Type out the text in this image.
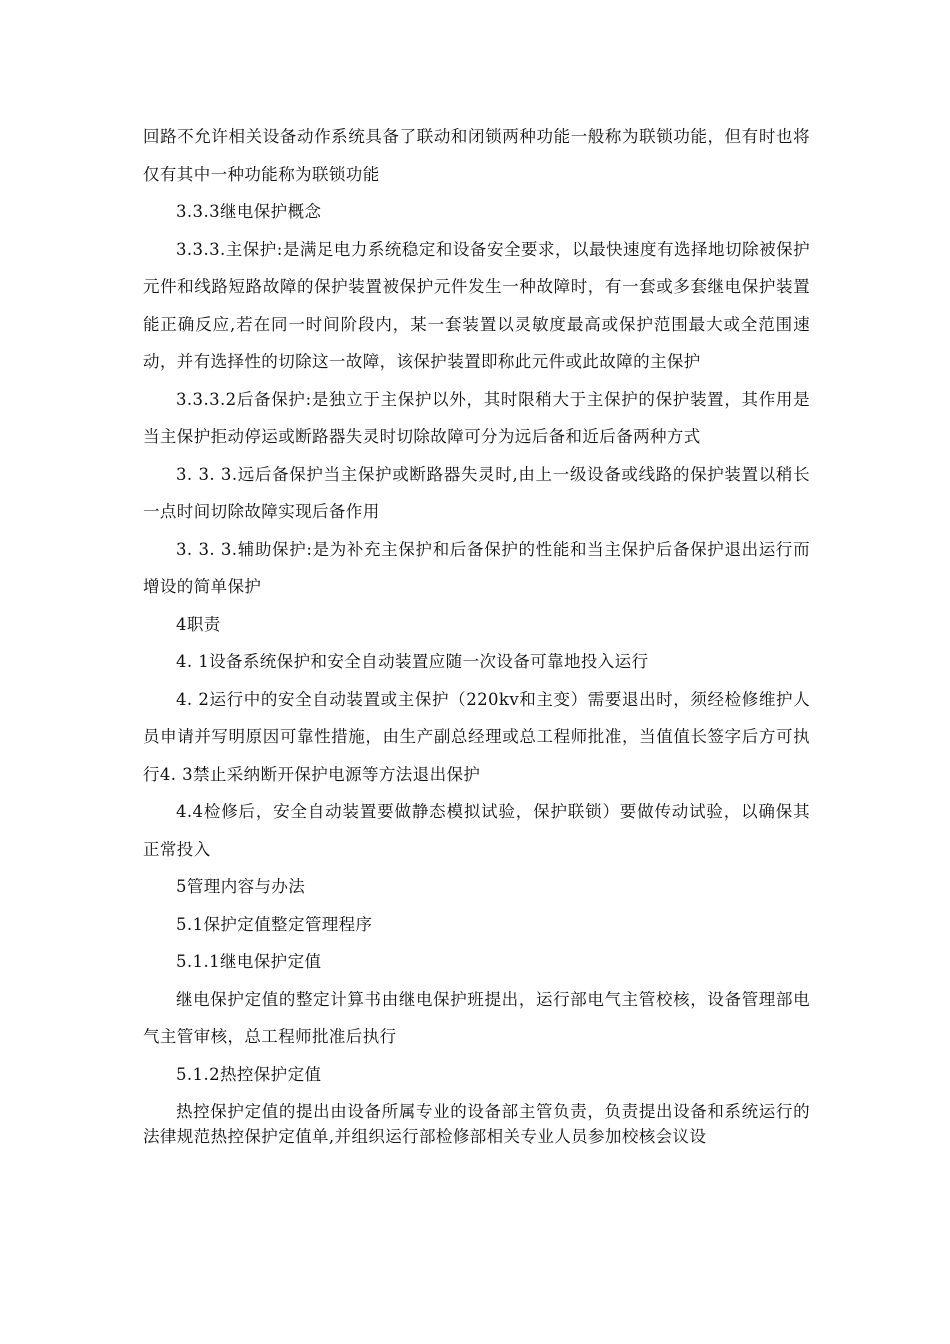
回路不允许相关设备动作系统具备了联动和闭锁两种功能一般称为联锁功能，但有时也将仅有其中一种功能称为联锁功能

3.3.3继电保护概念

3.3.3.主保护:是满足电力系统稳定和设备安全要求，以最快速度有选择地切除被保护元件和线路短路故障的保护装置被保护元件发生一种故障时，有一套或多套继电保护装置能正确反应,若在同一时间阶段内，某一套装置以灵敏度最高或保护范围最大或全范围速动，并有选择性的切除这一故障，该保护装置即称此元件或此故障的主保护

3.3.3.2后备保护:是独立于主保护以外，其时限稍大于主保护的保护装置，其作用是当主保护拒动停运或断路器失灵时切除故障可分为远后备和近后备两种方式

3. 3. 3.远后备保护当主保护或断路器失灵时,由上一级设备或线路的保护装置以稍长一点时间切除故障实现后备作用

3. 3. 3.辅助保护:是为补充主保护和后备保护的性能和当主保护后备保护退出运行而增设的简单保护

4职责

4. 1设备系统保护和安全自动装置应随一次设备可靠地投入运行

4. 2运行中的安全自动装置或主保护（220kv和主变）需要退出时，须经检修维护人员申请并写明原因可靠性措施，由生产副总经理或总工程师批准，当值值长签字后方可执行4. 3禁止采纳断开保护电源等方法退出保护

4.4检修后，安全自动装置要做静态模拟试验，保护联锁）要做传动试验，以确保其正常投入

5管理内容与办法

5.1保护定值整定管理程序

5.1.1继电保护定值

继电保护定值的整定计算书由继电保护班提出，运行部电气主管校核，设备管理部电气主管审核，总工程师批准后执行

5.1.2热控保护定值

热控保护定值的提出由设备所属专业的设备部主管负责，负责提出设备和系统运行的法律规范热控保护定值单,并组织运行部检修部相关专业人员参加校核会议设
